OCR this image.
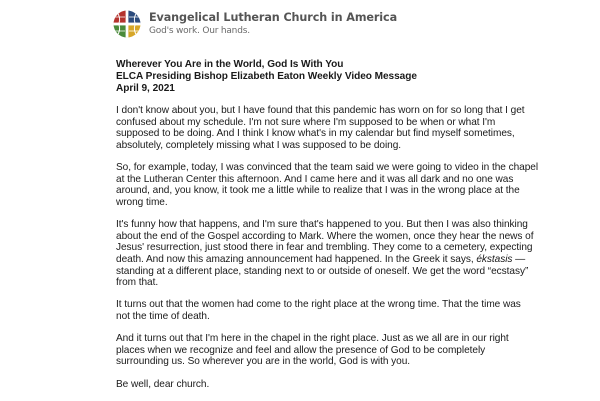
Evangelical Lutheran Church in America
God's work. Our hands.
Wherever You Are in the World, God Is With You
ELCA Presiding Bishop Elizabeth Eaton Weekly Video Message
April 9, 2021
I don't know about you, but I have found that this pandemic has worn on for so long that I get
confused about my schedule. I'm not sure where I'm supposed to be when or what I'm
supposed to be doing. And I think I know what's in my calendar but find myself sometimes,
absolutely, completely missing what I was supposed to be doing.
So, for example, today, I was convinced that the team said we were going to video in the chapel
at the Lutheran Center this afternoon. And I came here and it was all dark and no one was
around, and, you know, it took me a little while to realize that I was in the wrong place at the
wrong time.
It's funny how that happens, and I'm sure that's happened to you. But then I was also thinking
about the end of the Gospel according to Mark. Where the women, once they hear the news of
Jesus' resurrection, just stood there in fear and trembling. They come to a cemetery, expecting
death. And now this amazing announcement had happened. In the Greek it says, ékstasis —
standing at a different place, standing next to or outside of oneself. We get the word “ecstasy”
from that.
It turns out that the women had come to the right place at the wrong time. That the time was
not the time of death.
And it turns out that I'm here in the chapel in the right place. Just as we all are in our right
places when we recognize and feel and allow the presence of God to be completely
surrounding us. So wherever you are in the world, God is with you.
Be well, dear church.
